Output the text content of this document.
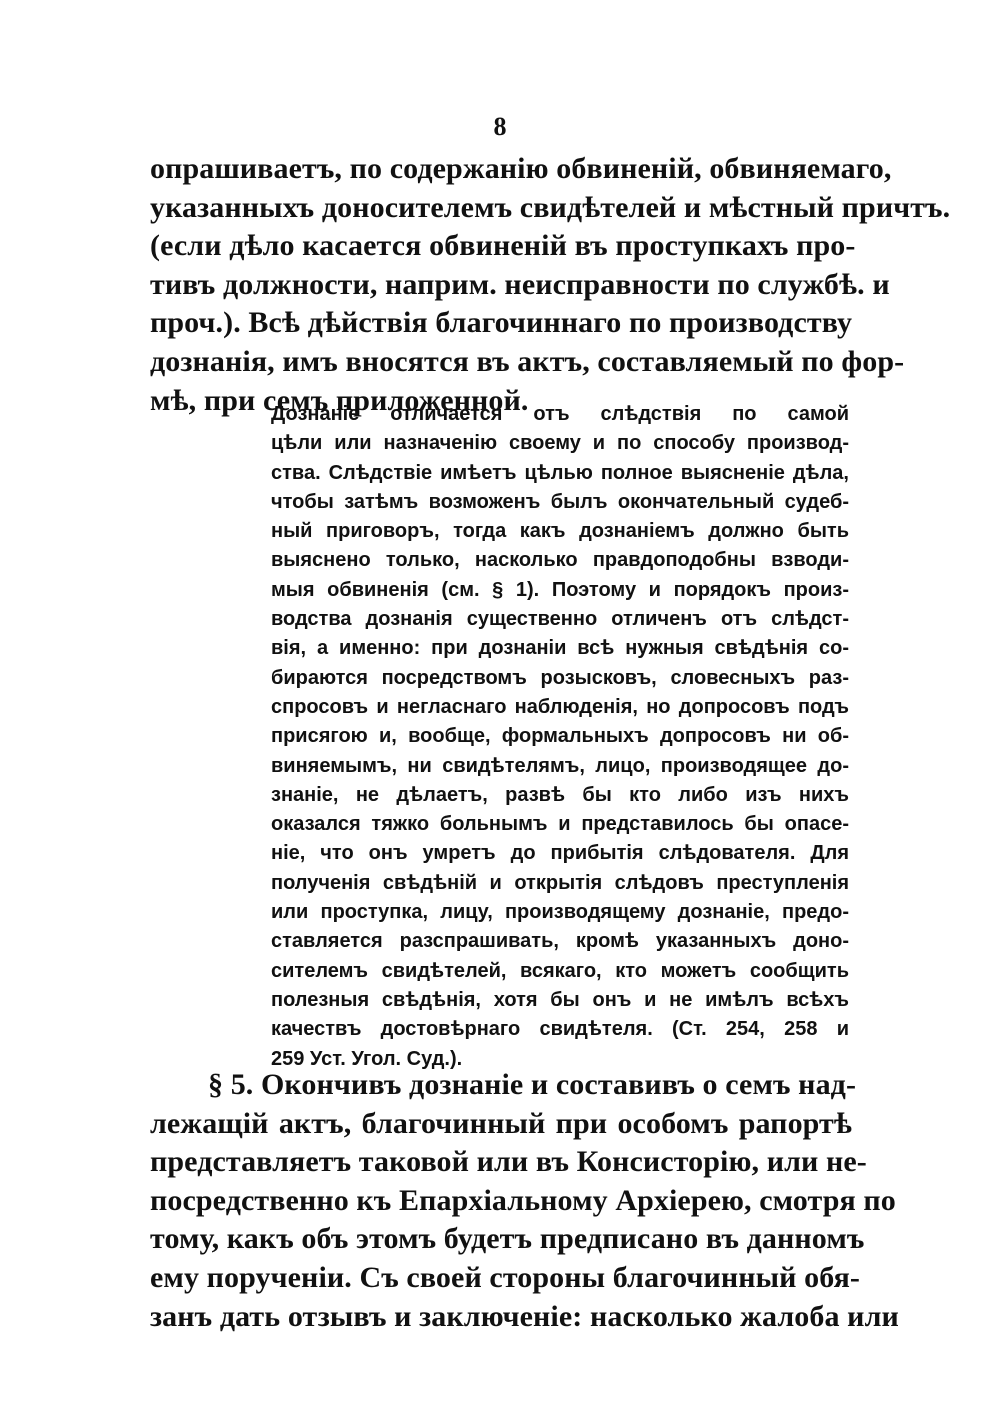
8
опрашиваетъ, по содержанію обвиненій, обвиняемаго,
указанныхъ доносителемъ свидѣтелей и мѣстный причтъ.
(если дѣло касается обвиненій въ проступкахъ про-
тивъ должности, наприм. неисправности по службѣ. и
проч.). Всѣ дѣйствія благочиннаго по производству
дознанія, имъ вносятся въ актъ, составляемый по фор-
мѣ, при семъ приложенной.
Дознаніе отличается отъ слѣдствія по самой
цѣли или назначенію своему и по способу производ-
ства. Слѣдствіе имѣетъ цѣлью полное выясненіе дѣла,
чтобы затѣмъ возможенъ былъ окончательный судеб-
ный приговоръ, тогда какъ дознаніемъ должно быть
выяснено только, насколько правдоподобны взводи-
мыя обвиненія (см. § 1). Поэтому и порядокъ произ-
водства дознанія существенно отличенъ отъ слѣдст-
вія, а именно: при дознаніи всѣ нужныя свѣдѣнія со-
бираются посредствомъ розысковъ, словесныхъ раз-
спросовъ и негласнаго наблюденія, но допросовъ подъ
присягою и, вообще, формальныхъ допросовъ ни об-
виняемымъ, ни свидѣтелямъ, лицо, производящее до-
знаніе, не дѣлаетъ, развѣ бы кто либо изъ нихъ
оказался тяжко больнымъ и представилось бы опасе-
ніе, что онъ умретъ до прибытія слѣдователя. Для
полученія свѣдѣній и открытія слѣдовъ преступленія
или проступка, лицу, производящему дознаніе, предо-
ставляется разспрашивать, кромѣ указанныхъ доно-
сителемъ свидѣтелей, всякаго, кто можетъ сообщить
полезныя свѣдѣнія, хотя бы онъ и не имѣлъ всѣхъ
качествъ достовѣрнаго свидѣтеля. (Ст. 254, 258 и
259 Уст. Угол. Суд.).
§ 5. Окончивъ дознаніе и составивъ о семъ над-
лежащій актъ, благочинный при особомъ рапортѣ
представляетъ таковой или въ Консисторію, или не-
посредственно къ Епархіальному Архіерею, смотря по
тому, какъ объ этомъ будетъ предписано въ данномъ
ему порученіи. Съ своей стороны благочинный обя-
занъ дать отзывъ и заключеніе: насколько жалоба или
